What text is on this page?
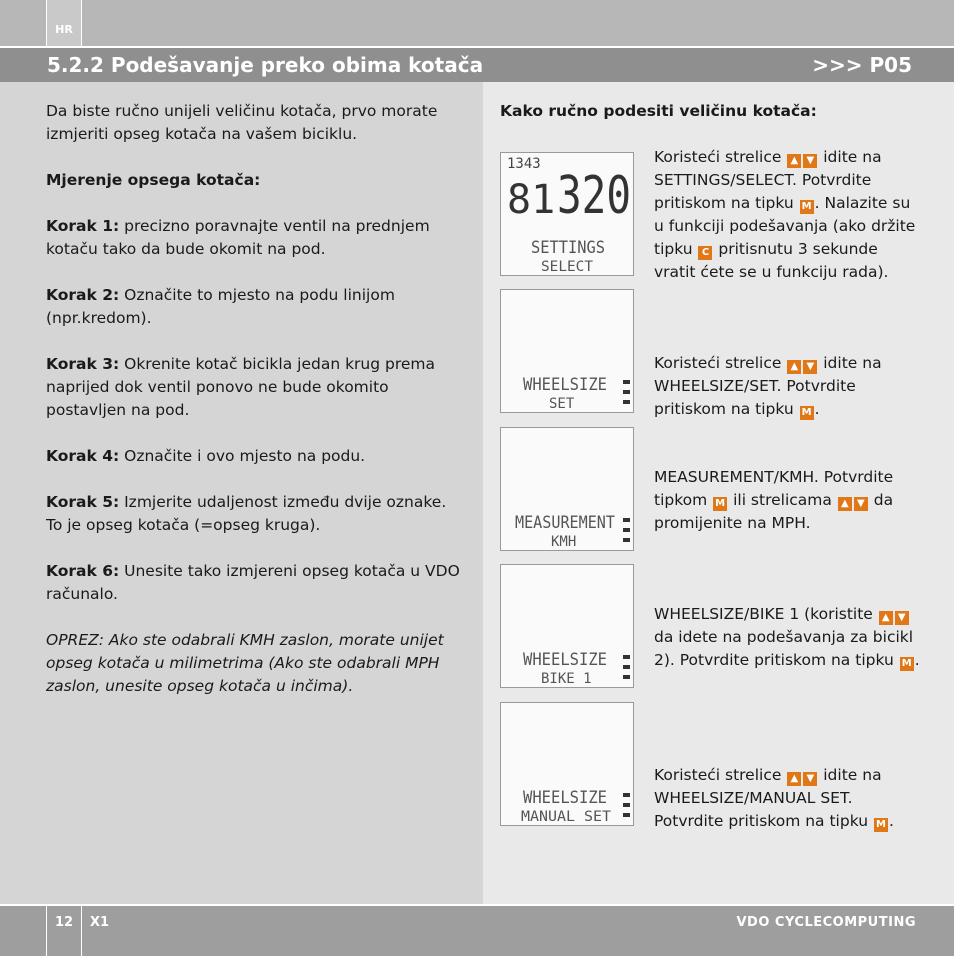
HR
5.2.2 Podešavanje preko obima kotača	>>> P05

Da biste ručno unijeli veličinu kotača, prvo morate izmjeriti opseg kotača na vašem biciklu.

Mjerenje opsega kotača:

Korak 1: precizno poravnajte ventil na prednjem kotaču tako da bude okomit na pod.

Korak 2: Označite to mjesto na podu linijom (npr.kredom).

Korak 3: Okrenite kotač bicikla jedan krug prema naprijed dok ventil ponovo ne bude okomito postavljen na pod.

Korak 4: Označite i ovo mjesto na podu.

Korak 5: Izmjerite udaljenost između dvije oznake. To je opseg kotača (=opseg kruga).

Korak 6: Unesite tako izmjereni opseg kotača u VDO računalo.

OPREZ: Ako ste odabrali KMH zaslon, morate unijet opseg kotača u milimetrima (Ako ste odabrali MPH zaslon, unesite opseg kotača u inčima).

Kako ručno podesiti veličinu kotača:
1343
81 320
SETTINGS
SELECT
WHEELSIZE
SET
MEASUREMENT
KMH
WHEELSIZE
BIKE 1
WHEELSIZE
MANUAL SET
Koristeći strelice ▲ ▼ idite na SETTINGS/SELECT. Potvrdite pritiskom na tipku M . Nalazite su u funkciji podešavanja (ako držite tipku C pritisnutu 3 sekunde vratit ćete se u funkciju rada).
Koristeći strelice ▲ ▼ idite na WHEELSIZE/SET. Potvrdite pritiskom na tipku M .
MEASUREMENT/KMH. Potvrdite tipkom M ili strelicama ▲ ▼ da promijenite na MPH.
WHEELSIZE/BIKE 1 (koristite ▲ ▼ da idete na podešavanja za bicikl 2). Potvrdite pritiskom na tipku M .
Koristeći strelice ▲ ▼ idite na WHEELSIZE/MANUAL SET. Potvrdite pritiskom na tipku M .
12	X1	VDO CYCLECOMPUTING
